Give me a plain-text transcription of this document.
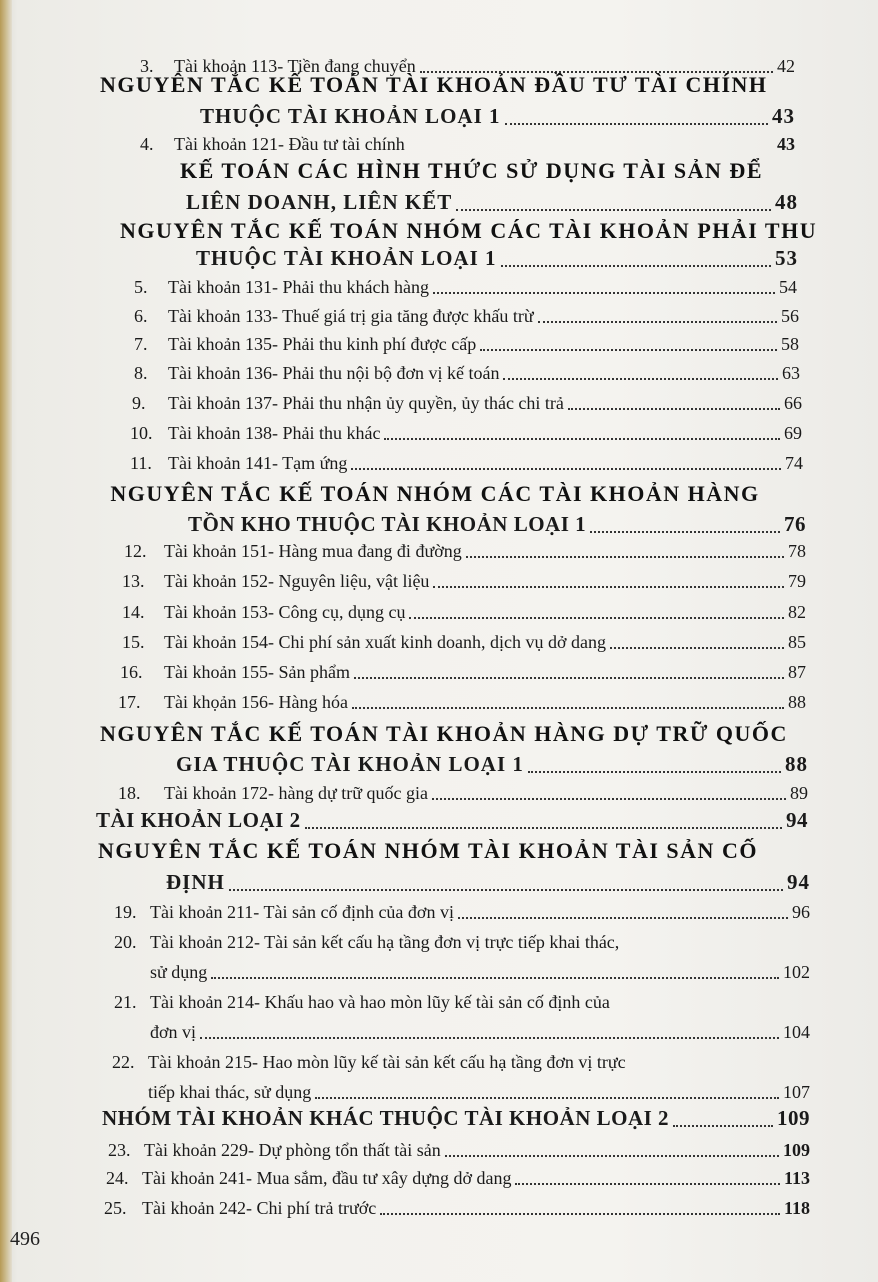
3.	Tài khoản 113- Tiền đang chuyển	42
NGUYÊN TẮC KẾ TOÁN TÀI KHOẢN ĐẦU TƯ TÀI CHÍNH
THUỘC TÀI KHOẢN LOẠI 1	43
4.	Tài khoản 121- Đầu tư tài chính	43
KẾ TOÁN CÁC HÌNH THỨC SỬ DỤNG TÀI SẢN ĐỂ
LIÊN DOANH, LIÊN KẾT	48
NGUYÊN TẮC KẾ TOÁN NHÓM CÁC TÀI KHOẢN PHẢI THU
THUỘC TÀI KHOẢN LOẠI 1	53
5.	Tài khoản 131- Phải thu khách hàng	54
6.	Tài khoản 133- Thuế giá trị gia tăng được khấu trừ	56
7.	Tài khoản 135- Phải thu kinh phí được cấp	58
8.	Tài khoản 136- Phải thu nội bộ đơn vị kế toán	63
9.	Tài khoản 137- Phải thu nhận ủy quyền, ủy thác chi trả	66
10. Tài khoản 138- Phải thu khác	69
11. Tài khoản 141- Tạm ứng	74
NGUYÊN TẮC KẾ TOÁN NHÓM CÁC TÀI KHOẢN HÀNG
TỒN KHO THUỘC TÀI KHOẢN LOẠI 1	76
12. Tài khoản 151- Hàng mua đang đi đường	78
13.	Tài khoản 152- Nguyên liệu, vật liệu	79
14.	Tài khoản 153- Công cụ, dụng cụ	82
15.	Tài khoản 154- Chi phí sản xuất kinh doanh, dịch vụ dở dang	85
16.	Tài khoản 155- Sản phẩm	87
17.	Tài khọản 156- Hàng hóa	88
NGUYÊN TẮC KẾ TOÁN TÀI KHOẢN HÀNG DỰ TRỮ QUỐC
GIA THUỘC TÀI KHOẢN LOẠI 1	88
18.	Tài khoản 172- hàng dự trữ quốc gia	89
TÀI KHOẢN LOẠI 2	94
NGUYÊN TẮC KẾ TOÁN NHÓM TÀI KHOẢN TÀI SẢN CỐ
ĐỊNH	94
19. Tài khoản 211- Tài sản cố định của đơn vị	96
20. Tài khoản 212- Tài sản kết cấu hạ tầng đơn vị trực tiếp khai thác,
sử dụng	102
21. Tài khoản 214- Khấu hao và hao mòn lũy kế tài sản cố định của
đơn vị	104
22. Tài khoản 215- Hao mòn lũy kế tài sản kết cấu hạ tầng đơn vị trực
tiếp khai thác, sử dụng	107
NHÓM TÀI KHOẢN KHÁC THUỘC TÀI KHOẢN LOẠI 2	109
23. Tài khoản 229- Dự phòng tổn thất tài sản	109
24. Tài khoản 241- Mua sắm, đầu tư xây dựng dở dang	113
25. Tài khoản 242- Chi phí trả trước	118
496
